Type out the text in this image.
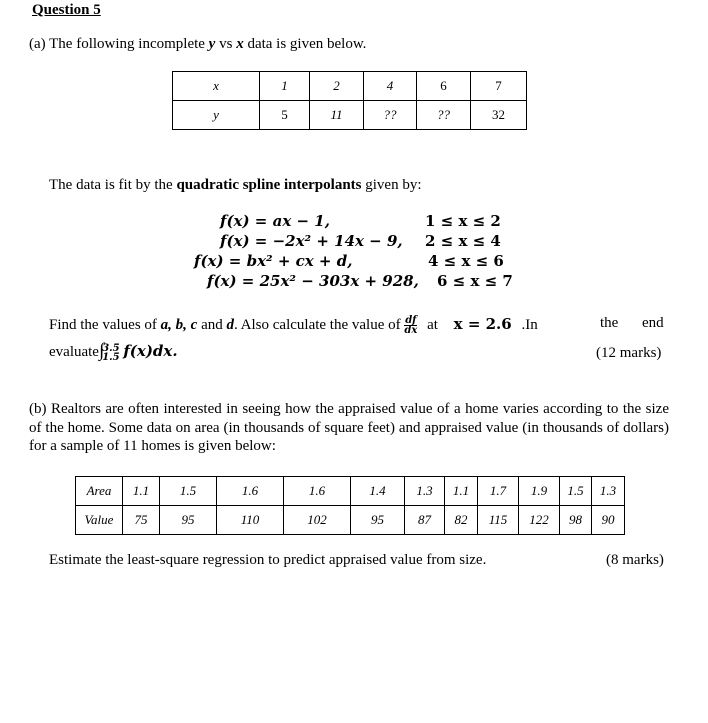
Question 5
(a) The following incomplete y vs x data is given below.
x	1	2	4	6	7
y	5	11	??	??	32
The data is fit by the quadratic spline interpolants given by:
f(x) = ax − 1,	1 ≤ x ≤ 2
f(x) = −2x² + 14x − 9, 2 ≤ x ≤ 4
f(x) = bx² + cx + d,	4 ≤ x ≤ 6
f(x) = 25x² − 303x + 928, 6 ≤ x ≤ 7
Find the values of a, b, c and d. Also calculate the value of $\frac{df}{dx}$ at x = 2.6 .In	the end
evaluate∫
3.5
1.5 f(x)dx.	(12 marks)
(b) Realtors are often interested in seeing how the appraised value of a home varies according to the size of the home. Some data on area (in thousands of square feet) and appraised value (in thousands of dollars) for a sample of 11 homes is given below:
Area	1.1	1.5	1.6	1.6	1.4	1.3	1.1	1.7	1.9	1.5	1.3
Value	75	95	110	102	95	87	82	115	122	98	90
Estimate the least-square regression to predict appraised value from size.	(8 marks)
